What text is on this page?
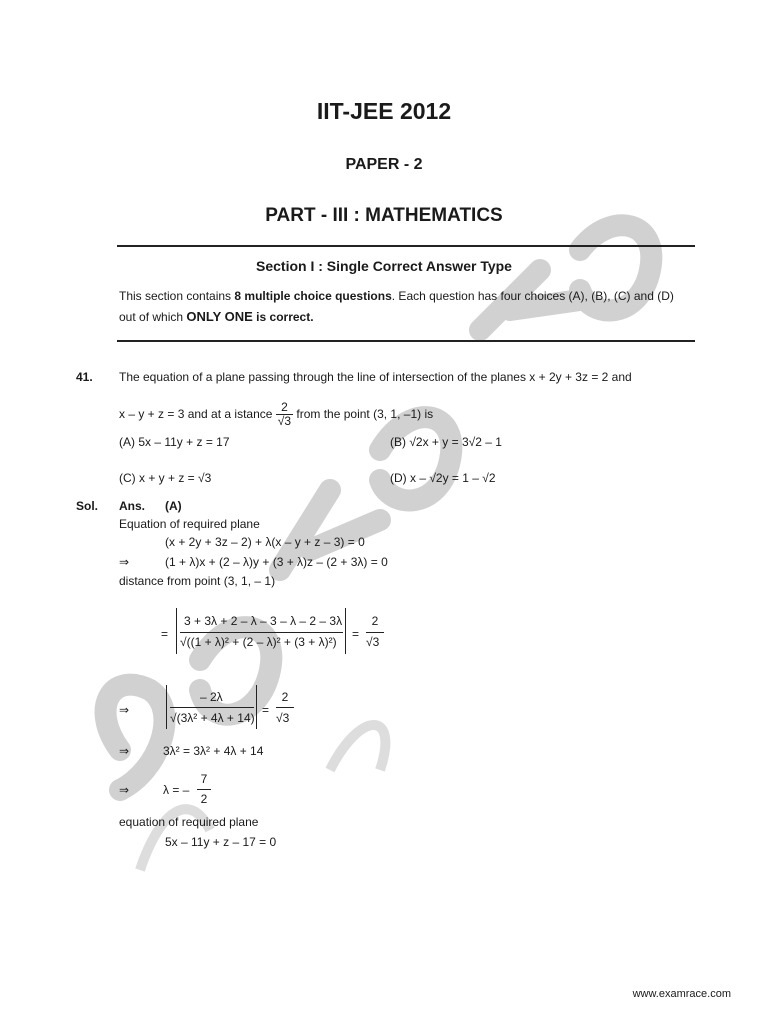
IIT-JEE 2012
PAPER - 2
PART - III : MATHEMATICS
Section I : Single Correct Answer Type
This section contains 8 multiple choice questions. Each question has four choices (A), (B), (C) and (D)
out of which ONLY ONE is correct.
41. The equation of a plane passing through the line of intersection of the planes x + 2y + 3z = 2 and
x – y + z = 3 and at a istance $\frac{2}{√3}$ from the point (3, 1, –1) is
(A) 5x – 11y + z = 17	(B) √2x + y = 3√2 – 1
(C) x + y + z = √3	(D) x – √2y = 1 – √2
Sol. Ans. (A)
Equation of required plane
(x + 2y + 3z – 2) + λ(x – y + z – 3) = 0
⇒	(1 + λ)x + (2 – λ)y + (3 + λ)z – (2 + 3λ) = 0
distance from point (3, 1, – 1)
=
3 + 3λ + 2 – λ – 3 – λ – 2 – 3λ
√((1 + λ)² + (2 – λ)² + (3 + λ)²)
=
2
√3
⇒
– 2λ
√(3λ² + 4λ + 14)
=
2
√3
⇒	3λ² = 3λ² + 4λ + 14
⇒	λ = –
7
2
equation of required plane
5x – 11y + z – 17 = 0
www.examrace.com
